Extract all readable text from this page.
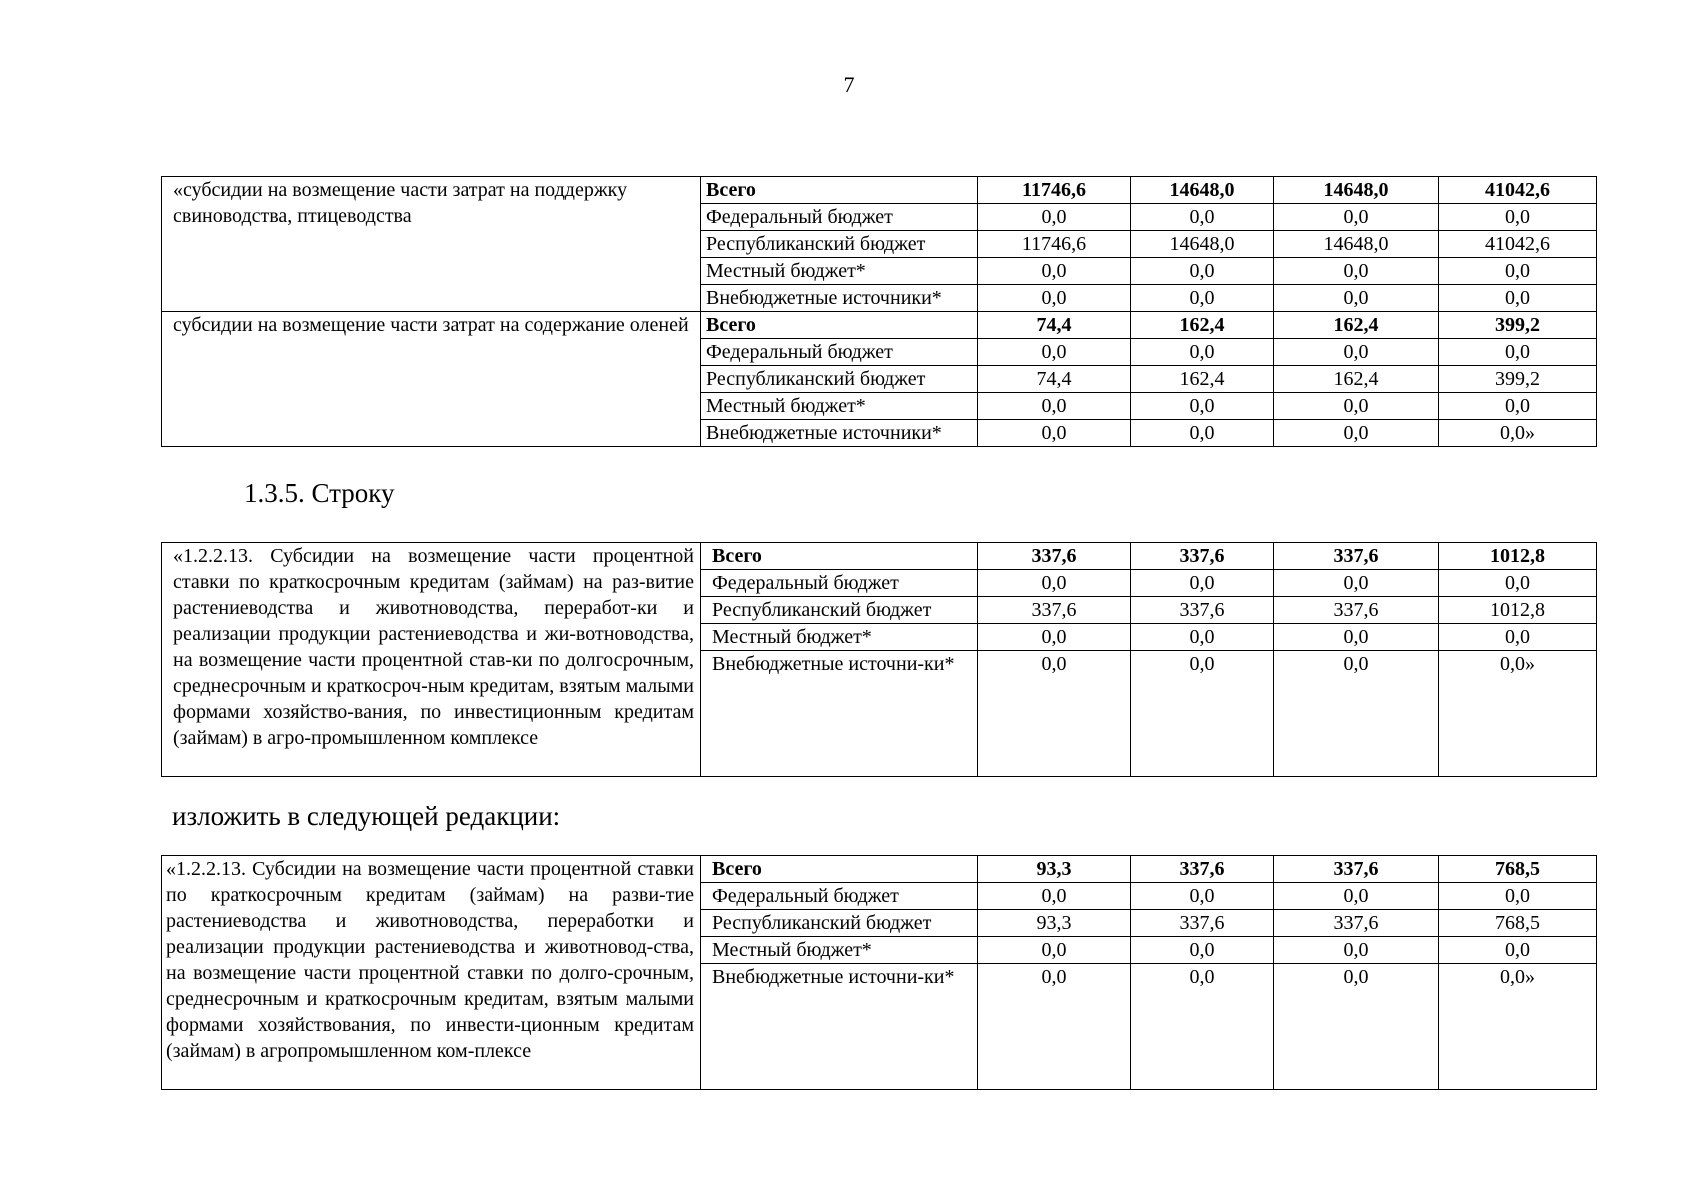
7
«субсидии на возмещение части затрат на поддержку свиноводства, птицеводства	Всего	11746,6	14648,0	14648,0	41042,6
	Федеральный бюджет	0,0	0,0	0,0	0,0
	Республиканский бюджет	11746,6	14648,0	14648,0	41042,6
	Местный бюджет*	0,0	0,0	0,0	0,0
	Внебюджетные источники*	0,0	0,0	0,0	0,0
субсидии на возмещение части затрат на содержание оленей	Всего	74,4	162,4	162,4	399,2
	Федеральный бюджет	0,0	0,0	0,0	0,0
	Республиканский бюджет	74,4	162,4	162,4	399,2
	Местный бюджет*	0,0	0,0	0,0	0,0
	Внебюджетные источники*	0,0	0,0	0,0	0,0»
1.3.5. Строку
«1.2.2.13. Субсидии на возмещение части процентной ставки по краткосрочным кредитам (займам) на раз-витие растениеводства и животноводства, переработ-ки и реализации продукции растениеводства и жи-вотноводства, на возмещение части процентной став-ки по долгосрочным, среднесрочным и краткосроч-ным кредитам, взятым малыми формами хозяйство-вания, по инвестиционным кредитам (займам) в агро-промышленном комплексе	Всего	337,6	337,6	337,6	1012,8
	Федеральный бюджет	0,0	0,0	0,0	0,0
	Республиканский бюджет	337,6	337,6	337,6	1012,8
	Местный бюджет*	0,0	0,0	0,0	0,0
	Внебюджетные источни-ки*	0,0	0,0	0,0	0,0»
изложить в следующей редакции:
«1.2.2.13. Субсидии на возмещение части процентной ставки по краткосрочным кредитам (займам) на разви-тие растениеводства и животноводства, переработки и реализации продукции растениеводства и животновод-ства, на возмещение части процентной ставки по долго-срочным, среднесрочным и краткосрочным кредитам, взятым малыми формами хозяйствования, по инвести-ционным кредитам (займам) в агропромышленном ком-плексе	Всего	93,3	337,6	337,6	768,5
	Федеральный бюджет	0,0	0,0	0,0	0,0
	Республиканский бюджет	93,3	337,6	337,6	768,5
	Местный бюджет*	0,0	0,0	0,0	0,0
	Внебюджетные источни-ки*	0,0	0,0	0,0	0,0»
